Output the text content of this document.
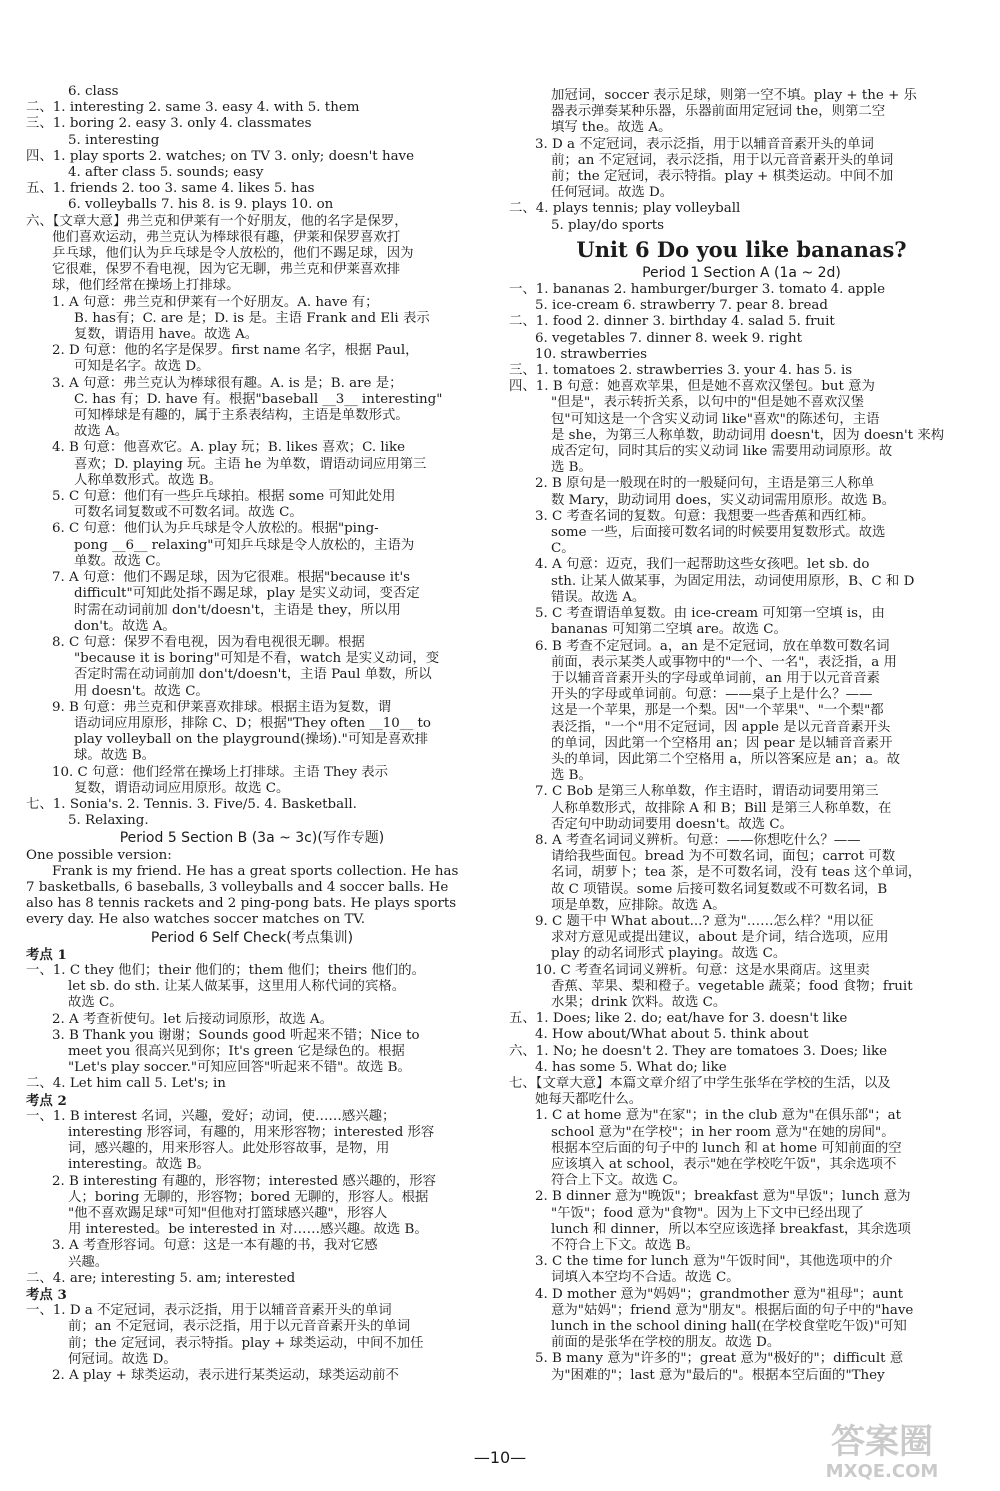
6. class
二、1. interesting 2. same 3. easy 4. with 5. them
三、1. boring 2. easy 3. only 4. classmates
5. interesting
四、1. play sports 2. watches; on TV 3. only; doesn't have
4. after class 5. sounds; easy
五、1. friends 2. too 3. same 4. likes 5. has
6. volleyballs 7. his 8. is 9. plays 10. on
六、【文章大意】弗兰克和伊莱有一个好朋友，他的名字是保罗，
他们喜欢运动，弗兰克认为棒球很有趣，伊莱和保罗喜欢打
乒乓球，他们认为乒乓球是令人放松的，他们不踢足球，因为
它很难，保罗不看电视，因为它无聊，弗兰克和伊莱喜欢排
球，他们经常在操场上打排球。
1. A 句意：弗兰克和伊莱有一个好朋友。A. have 有；
B. has有；C. are 是；D. is 是。主语 Frank and Eli 表示
复数，谓语用 have。故选 A。
2. D 句意：他的名字是保罗。first name 名字，根据 Paul，
可知是名字。故选 D。
3. A 句意：弗兰克认为棒球很有趣。A. is 是；B. are 是；
C. has 有；D. have 有。根据"baseball __3__ interesting"
可知棒球是有趣的，属于主系表结构，主语是单数形式。
故选 A。
4. B 句意：他喜欢它。A. play 玩；B. likes 喜欢；C. like
喜欢；D. playing 玩。主语 he 为单数，谓语动词应用第三
人称单数形式。故选 B。
5. C 句意：他们有一些乒乓球拍。根据 some 可知此处用
可数名词复数或不可数名词。故选 C。
6. C 句意：他们认为乒乓球是令人放松的。根据"ping-
pong __6__ relaxing"可知乒乓球是令人放松的，主语为
单数。故选 C。
7. A 句意：他们不踢足球，因为它很难。根据"because it's
difficult"可知此处指不踢足球，play 是实义动词，变否定
时需在动词前加 don't/doesn't，主语是 they，所以用
don't。故选 A。
8. C 句意：保罗不看电视，因为看电视很无聊。根据
"because it is boring"可知是不看，watch 是实义动词，变
否定时需在动词前加 don't/doesn't，主语 Paul 单数，所以
用 doesn't。故选 C。
9. B 句意：弗兰克和伊莱喜欢排球。根据主语为复数，谓
语动词应用原形，排除 C、D；根据"They often __10__ to
play volleyball on the playground(操场)."可知是喜欢排
球。故选 B。
10. C 句意：他们经常在操场上打排球。主语 They 表示
复数，谓语动词应用原形。故选 C。
七、1. Sonia's. 2. Tennis. 3. Five/5. 4. Basketball.
5. Relaxing.
Period 5 Section B (3a ~ 3c)(写作专题)
One possible version:
Frank is my friend. He has a great sports collection. He has
7 basketballs, 6 baseballs, 3 volleyballs and 4 soccer balls. He
also has 8 tennis rackets and 2 ping-pong bats. He plays sports
every day. He also watches soccer matches on TV.
Period 6 Self Check(考点集训)
考点 1
一、1. C they 他们；their 他们的；them 他们；theirs 他们的。
let sb. do sth. 让某人做某事，这里用人称代词的宾格。
故选 C。
2. A 考查祈使句。let 后接动词原形，故选 A。
3. B Thank you 谢谢；Sounds good 听起来不错；Nice to
meet you 很高兴见到你；It's green 它是绿色的。根据
"Let's play soccer."可知应回答"听起来不错"。故选 B。
二、4. Let him call 5. Let's; in
考点 2
一、1. B interest 名词，兴趣，爱好；动词，使……感兴趣；
interesting 形容词，有趣的，用来形容物；interested 形容
词，感兴趣的，用来形容人。此处形容故事，是物，用
interesting。故选 B。
2. B interesting 有趣的，形容物；interested 感兴趣的，形容
人；boring 无聊的，形容物；bored 无聊的，形容人。根据
"他不喜欢踢足球"可知"但他对打篮球感兴趣"，形容人
用 interested。be interested in 对……感兴趣。故选 B。
3. A 考查形容词。句意：这是一本有趣的书，我对它感
兴趣。
二、4. are; interesting 5. am; interested
考点 3
一、1. D a 不定冠词，表示泛指，用于以辅音音素开头的单词
前；an 不定冠词，表示泛指，用于以元音音素开头的单词
前；the 定冠词，表示特指。play + 球类运动，中间不加任
何冠词。故选 D。
2. A play + 球类运动，表示进行某类运动，球类运动前不
加冠词，soccer 表示足球，则第一空不填。play + the + 乐
器表示弹奏某种乐器，乐器前面用定冠词 the，则第二空
填写 the。故选 A。
3. D a 不定冠词，表示泛指，用于以辅音音素开头的单词
前；an 不定冠词，表示泛指，用于以元音音素开头的单词
前；the 定冠词，表示特指。play + 棋类运动。中间不加
任何冠词。故选 D。
二、4. plays tennis; play volleyball
5. play/do sports
Unit 6 Do you like bananas?
Period 1 Section A (1a ~ 2d)
一、1. bananas 2. hamburger/burger 3. tomato 4. apple
5. ice-cream 6. strawberry 7. pear 8. bread
二、1. food 2. dinner 3. birthday 4. salad 5. fruit
6. vegetables 7. dinner 8. week 9. right
10. strawberries
三、1. tomatoes 2. strawberries 3. your 4. has 5. is
四、1. B 句意：她喜欢苹果，但是她不喜欢汉堡包。but 意为
"但是"，表示转折关系，以句中的"但是她不喜欢汉堡
包"可知这是一个含实义动词 like"喜欢"的陈述句，主语
是 she，为第三人称单数，助动词用 doesn't，因为 doesn't 来构
成否定句，同时其后的实义动词 like 需要用动词原形。故
选 B。
2. B 原句是一般现在时的一般疑问句，主语是第三人称单
数 Mary，助动词用 does，实义动词需用原形。故选 B。
3. C 考查名词的复数。句意：我想要一些香蕉和西红柿。
some 一些，后面接可数名词的时候要用复数形式。故选
C。
4. A 句意：迈克，我们一起帮助这些女孩吧。let sb. do
sth. 让某人做某事，为固定用法，动词使用原形，B、C 和 D
错误。故选 A。
5. C 考查谓语单复数。由 ice-cream 可知第一空填 is，由
bananas 可知第二空填 are。故选 C。
6. B 考查不定冠词。a，an 是不定冠词，放在单数可数名词
前面，表示某类人或事物中的"一个、一名"，表泛指，a 用
于以辅音音素开头的字母或单词前，an 用于以元音音素
开头的字母或单词前。句意：——桌子上是什么？——
这是一个苹果，那是一个梨。因"一个苹果"、"一个梨"都
表泛指，"一个"用不定冠词，因 apple 是以元音音素开头
的单词，因此第一个空格用 an；因 pear 是以辅音音素开
头的单词，因此第二个空格用 a，所以答案应是 an；a。故
选 B。
7. C Bob 是第三人称单数，作主语时，谓语动词要用第三
人称单数形式，故排除 A 和 B；Bill 是第三人称单数，在
否定句中助动词要用 doesn't。故选 C。
8. A 考查名词词义辨析。句意：——你想吃什么？——
请给我些面包。bread 为不可数名词，面包；carrot 可数
名词，胡萝卜；tea 茶，是不可数名词，没有 teas 这个单词，
故 C 项错误。some 后接可数名词复数或不可数名词，B
项是单数，应排除。故选 A。
9. C 题干中 What about...? 意为"……怎么样？"用以征
求对方意见或提出建议，about 是介词，结合选项，应用
play 的动名词形式 playing。故选 C。
10. C 考查名词词义辨析。句意：这是水果商店。这里卖
香蕉、苹果、梨和橙子。vegetable 蔬菜；food 食物；fruit
水果；drink 饮料。故选 C。
五、1. Does; like 2. do; eat/have for 3. doesn't like
4. How about/What about 5. think about
六、1. No; he doesn't 2. They are tomatoes 3. Does; like
4. has some 5. What do; like
七、【文章大意】本篇文章介绍了中学生张华在学校的生活，以及
她每天都吃什么。
1. C at home 意为"在家"；in the club 意为"在俱乐部"；at
school 意为"在学校"；in her room 意为"在她的房间"。
根据本空后面的句子中的 lunch 和 at home 可知前面的空
应该填入 at school，表示"她在学校吃午饭"，其余选项不
符合上下文。故选 C。
2. B dinner 意为"晚饭"；breakfast 意为"早饭"；lunch 意为
"午饭"；food 意为"食物"。因为上下文中已经出现了
lunch 和 dinner，所以本空应该选择 breakfast，其余选项
不符合上下文。故选 B。
3. C the time for lunch 意为"午饭时间"，其他选项中的介
词填入本空均不合适。故选 C。
4. D mother 意为"妈妈"；grandmother 意为"祖母"；aunt
意为"姑妈"；friend 意为"朋友"。根据后面的句子中的"have
lunch in the school dining hall(在学校食堂吃午饭)"可知
前面的是张华在学校的朋友。故选 D。
5. B many 意为"许多的"；great 意为"极好的"；difficult 意
为"困难的"；last 意为"最后的"。根据本空后面的"They
—10—	答案圈
MXQE.COM
